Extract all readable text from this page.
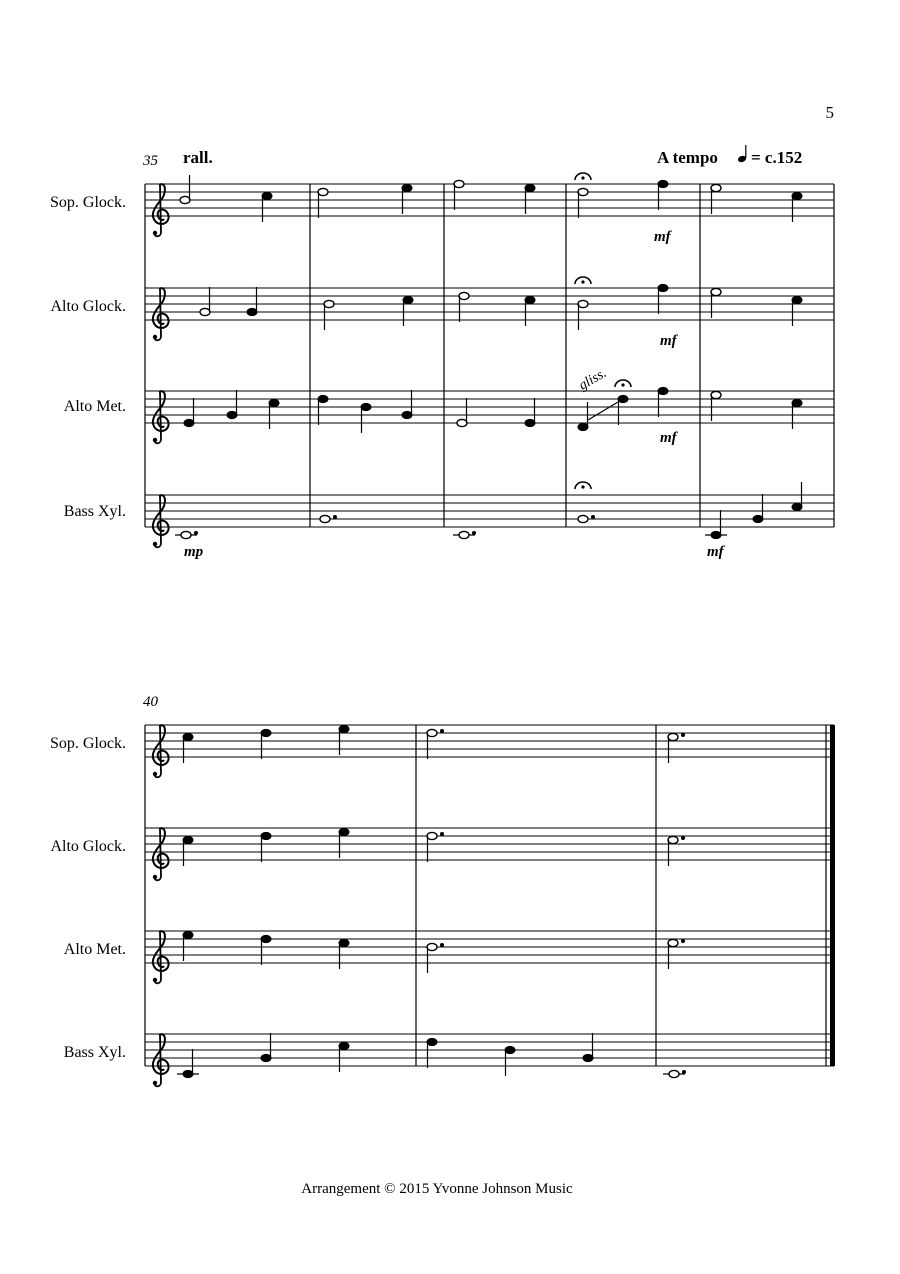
5
35 rall.	A tempo = c.152
Sop. Glock.
Alto Glock.
Alto Met.
Bass Xyl.
gliss.
mf
mf
mf
mp	mf
40
Sop. Glock.
Alto Glock.
Alto Met.
Bass Xyl.
Arrangement © 2015 Yvonne Johnson Music
